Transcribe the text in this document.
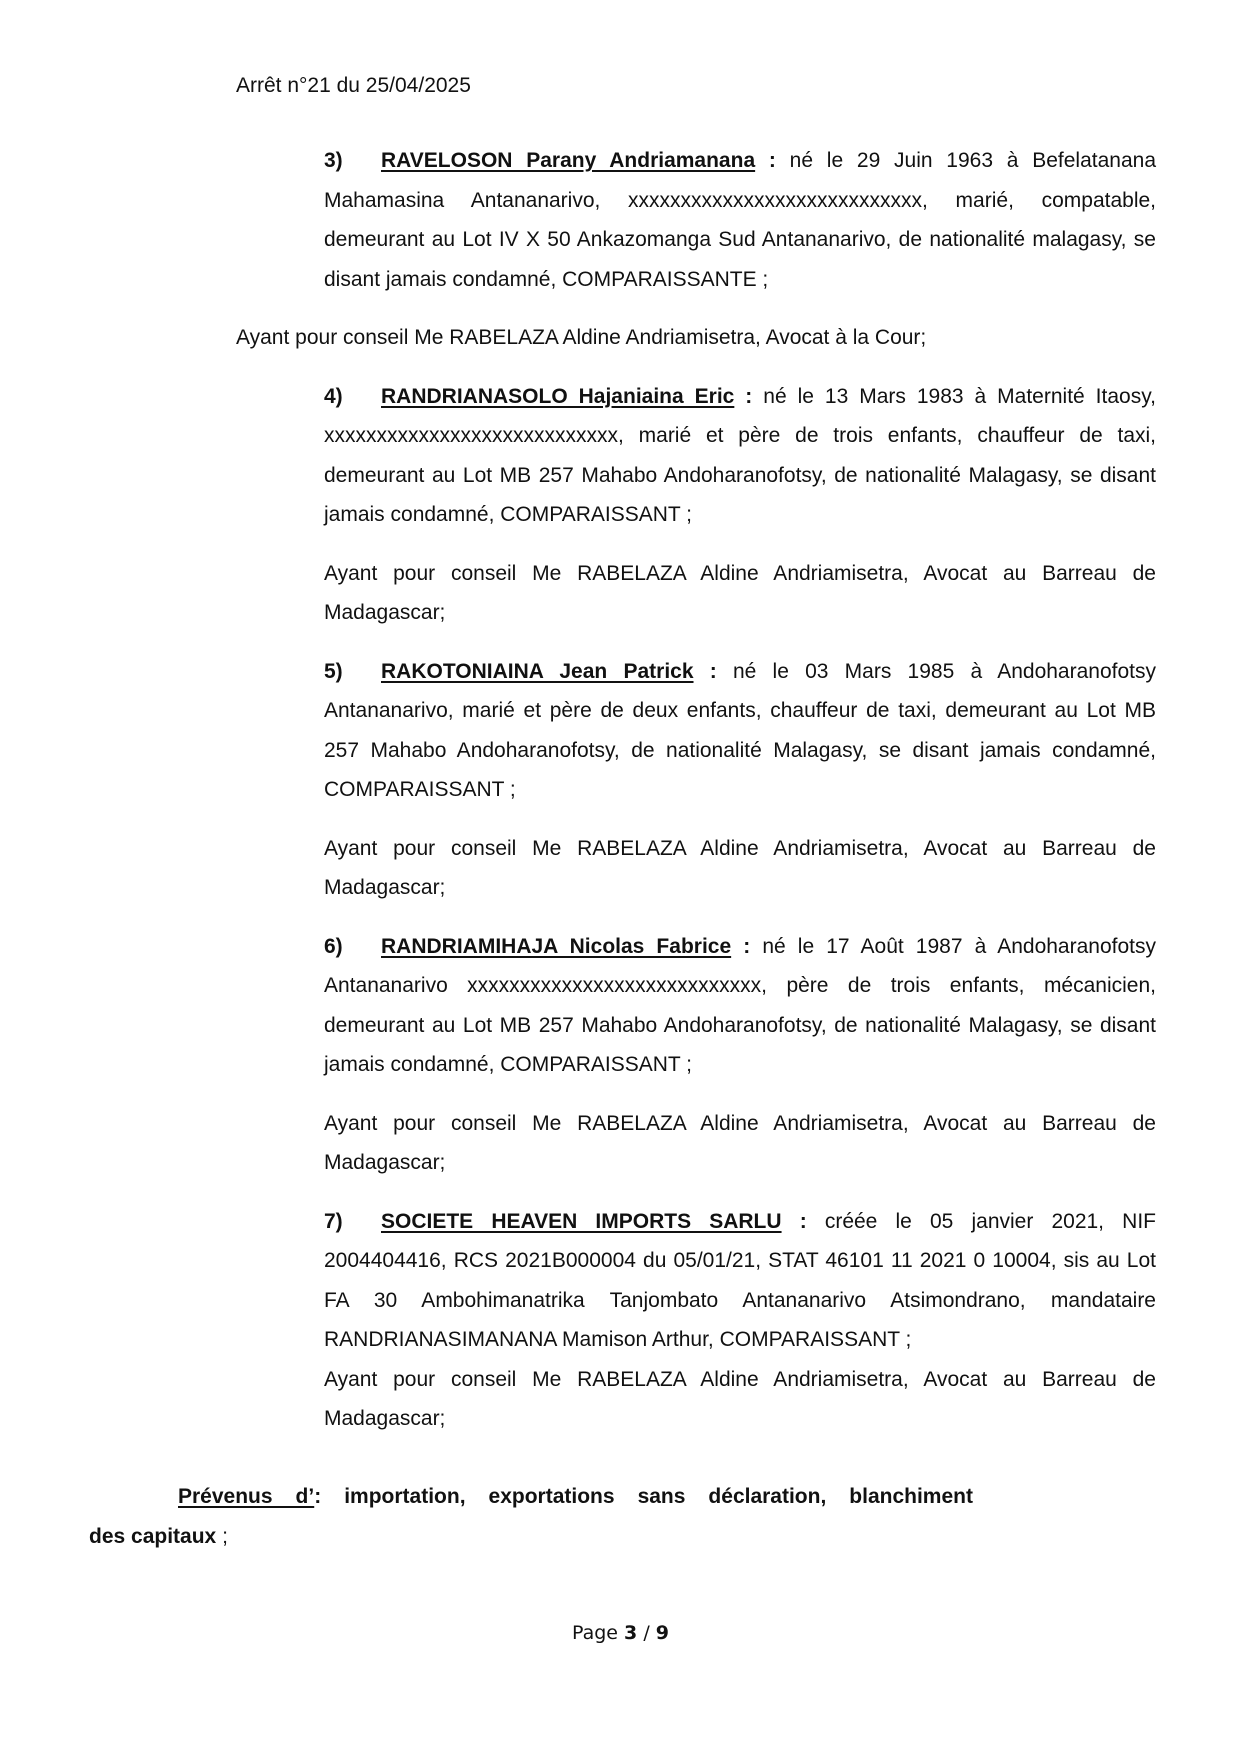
Arrêt n°21 du 25/04/2025

3) RAVELOSON Parany Andriamanana : né le 29 Juin 1963 à Befelatanana Mahamasina Antananarivo, xxxxxxxxxxxxxxxxxxxxxxxxxxxx, marié, compatable, demeurant au Lot IV X 50 Ankazomanga Sud Antananarivo, de nationalité malagasy, se disant jamais condamné, COMPARAISSANTE ;

Ayant pour conseil Me RABELAZA Aldine Andriamisetra, Avocat à la Cour;

4) RANDRIANASOLO Hajaniaina Eric : né le 13 Mars 1983 à Maternité Itaosy, xxxxxxxxxxxxxxxxxxxxxxxxxxxx, marié et père de trois enfants, chauffeur de taxi, demeurant au Lot MB 257 Mahabo Andoharanofotsy, de nationalité Malagasy, se disant jamais condamné, COMPARAISSANT ;

Ayant pour conseil Me RABELAZA Aldine Andriamisetra, Avocat au Barreau de Madagascar;

5) RAKOTONIAINA Jean Patrick : né le 03 Mars 1985 à Andoharanofotsy Antananarivo, marié et père de deux enfants, chauffeur de taxi, demeurant au Lot MB 257 Mahabo Andoharanofotsy, de nationalité Malagasy, se disant jamais condamné, COMPARAISSANT ;

Ayant pour conseil Me RABELAZA Aldine Andriamisetra, Avocat au Barreau de Madagascar;

6) RANDRIAMIHAJA Nicolas Fabrice : né le 17 Août 1987 à Andoharanofotsy Antananarivo xxxxxxxxxxxxxxxxxxxxxxxxxxxx, père de trois enfants, mécanicien, demeurant au Lot MB 257 Mahabo Andoharanofotsy, de nationalité Malagasy, se disant jamais condamné, COMPARAISSANT ;

Ayant pour conseil Me RABELAZA Aldine Andriamisetra, Avocat au Barreau de Madagascar;

7) SOCIETE HEAVEN IMPORTS SARLU : créée le 05 janvier 2021, NIF 2004404416, RCS 2021B000004 du 05/01/21, STAT 46101 11 2021 0 10004, sis au Lot FA 30 Ambohimanatrika Tanjombato Antananarivo Atsimondrano, mandataire RANDRIANASIMANANA Mamison Arthur, COMPARAISSANT ;

Ayant pour conseil Me RABELAZA Aldine Andriamisetra, Avocat au Barreau de Madagascar;

Prévenus d’: importation, exportations sans déclaration, blanchiment
des capitaux ;
Page 3 / 9
